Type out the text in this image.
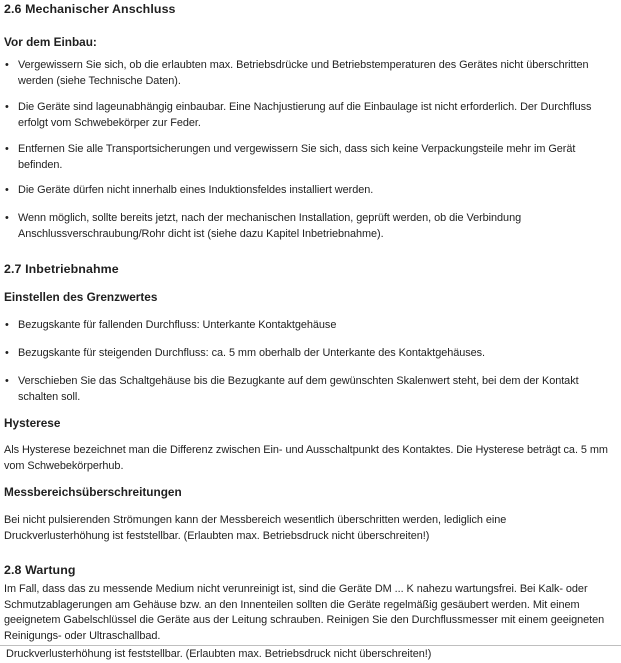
2.6 Mechanischer Anschluss
Vor dem Einbau:
• Vergewissern Sie sich, ob die erlaubten max. Betriebsdrücke und Betriebstemperaturen des Gerätes nicht überschritten werden (siehe Technische Daten).
• Die Geräte sind lageunabhängig einbaubar. Eine Nachjustierung auf die Einbaulage ist nicht erforderlich. Der Durchfluss erfolgt vom Schwebekörper zur Feder.
• Entfernen Sie alle Transportsicherungen und vergewissern Sie sich, dass sich keine Verpackungsteile mehr im Gerät befinden.
• Die Geräte dürfen nicht innerhalb eines Induktionsfeldes installiert werden.
• Wenn möglich, sollte bereits jetzt, nach der mechanischen Installation, geprüft werden, ob die Verbindung Anschlussverschraubung/Rohr dicht ist (siehe dazu Kapitel Inbetriebnahme).
2.7 Inbetriebnahme
Einstellen des Grenzwertes
• Bezugskante für fallenden Durchfluss: Unterkante Kontaktgehäuse
• Bezugskante für steigenden Durchfluss: ca. 5 mm oberhalb der Unterkante des Kontaktgehäuses.
• Verschieben Sie das Schaltgehäuse bis die Bezugkante auf dem gewünschten Skalenwert steht, bei dem der Kontakt schalten soll.
Hysterese
Als Hysterese bezeichnet man die Differenz zwischen Ein- und Ausschaltpunkt des Kontaktes. Die Hysterese beträgt ca. 5 mm vom Schwebekörperhub.
Messbereichsüberschreitungen
Bei nicht pulsierenden Strömungen kann der Messbereich wesentlich überschritten werden, lediglich eine Druckverlusterhöhung ist feststellbar. (Erlaubten max. Betriebsdruck nicht überschreiten!)
2.8 Wartung
Im Fall, dass das zu messende Medium nicht verunreinigt ist, sind die Geräte DM ... K nahezu wartungsfrei. Bei Kalk- oder Schmutzablagerungen am Gehäuse bzw. an den Innenteilen sollten die Geräte regelmäßig gesäubert werden. Mit einem geeignetem Gabelschlüssel die Geräte aus der Leitung schrauben. Reinigen Sie den Durchflussmesser mit einem geeigneten Reinigungs- oder Ultraschallbad.
Druckverlusterhöhung ist feststellbar. (Erlaubten max. Betriebsdruck nicht überschreiten!)
